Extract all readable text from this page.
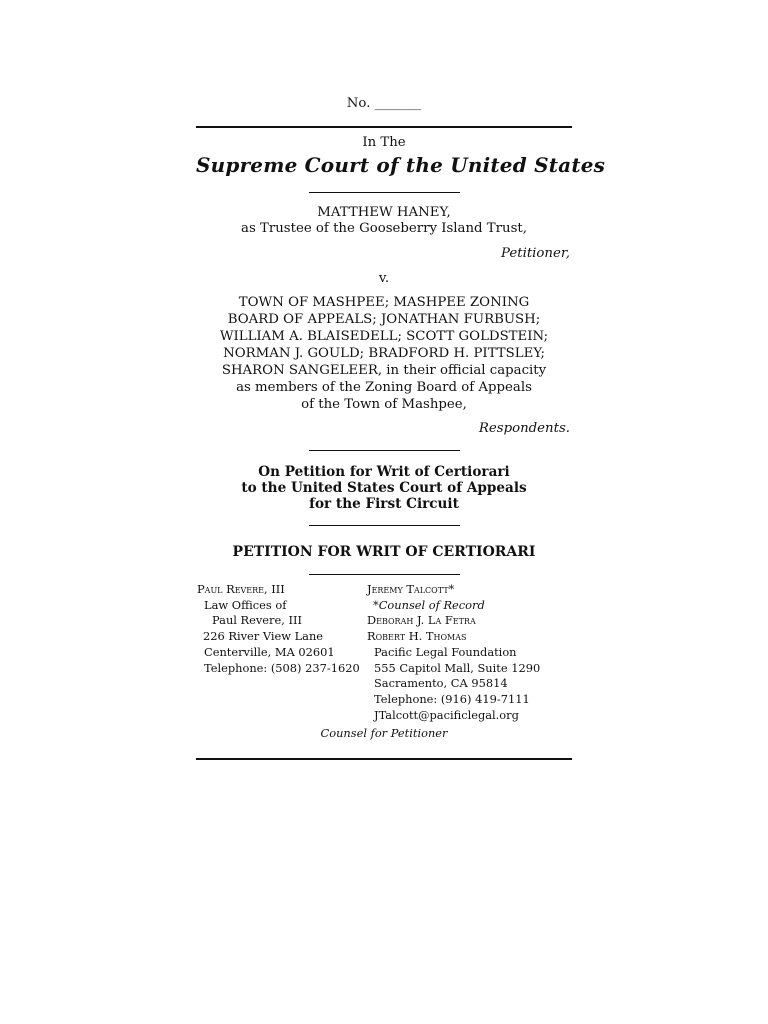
No. _______
In The
Supreme Court of the United States
MATTHEW HANEY,
as Trustee of the Gooseberry Island Trust,
Petitioner,
v.
TOWN OF MASHPEE; MASHPEE ZONING
BOARD OF APPEALS; JONATHAN FURBUSH;
WILLIAM A. BLAISEDELL; SCOTT GOLDSTEIN;
NORMAN J. GOULD; BRADFORD H. PITTSLEY;
SHARON SANGELEER, in their official capacity
as members of the Zoning Board of Appeals
of the Town of Mashpee,
Respondents.
On Petition for Writ of Certiorari
to the United States Court of Appeals
for the First Circuit
PETITION FOR WRIT OF CERTIORARI
Paul Revere, III
Law Offices of
Paul Revere, III
226 River View Lane
Centerville, MA 02601
Telephone: (508) 237-1620
Jeremy Talcott*
*Counsel of Record
Deborah J. La Fetra
Robert H. Thomas
Pacific Legal Foundation
555 Capitol Mall, Suite 1290
Sacramento, CA 95814
Telephone: (916) 419-7111
JTalcott@pacificlegal.org
Counsel for Petitioner
